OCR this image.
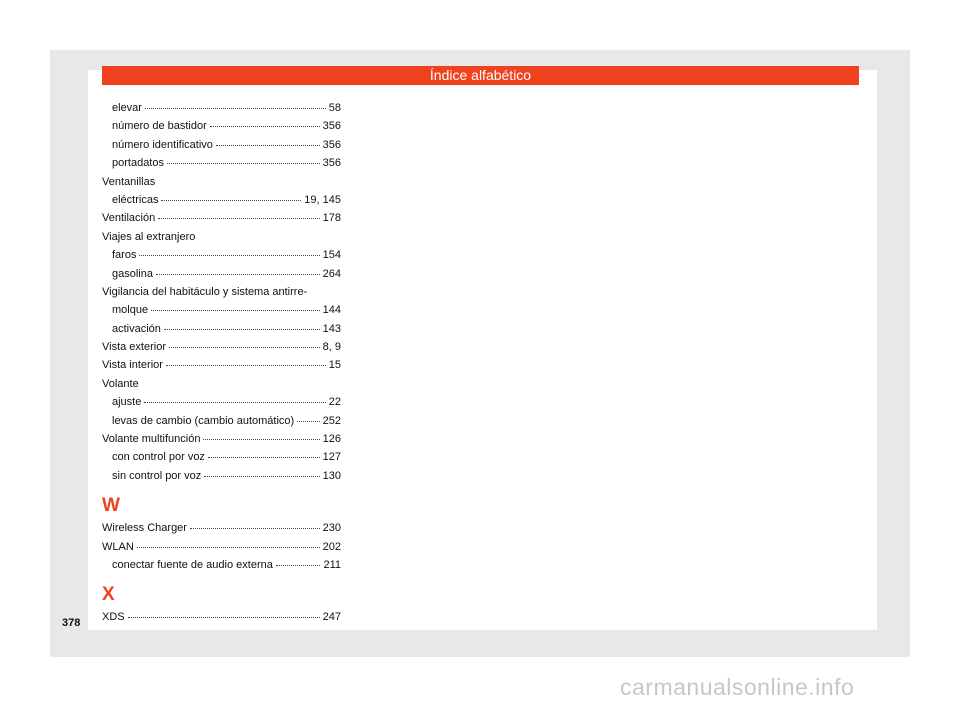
Índice alfabético
elevar	58
número de bastidor	356
número identificativo	356
portadatos	356
Ventanillas
eléctricas	19, 145
Ventilación	178
Viajes al extranjero
faros	154
gasolina	264
Vigilancia del habitáculo y sistema antirre-
molque	144
activación	143
Vista exterior	8, 9
Vista interior	15
Volante
ajuste	22
levas de cambio (cambio automático)	252
Volante multifunción	126
con control por voz	127
sin control por voz	130
W
Wireless Charger	230
WLAN	202
conectar fuente de audio externa	211
X
XDS	247
378
carmanualsonline.info
